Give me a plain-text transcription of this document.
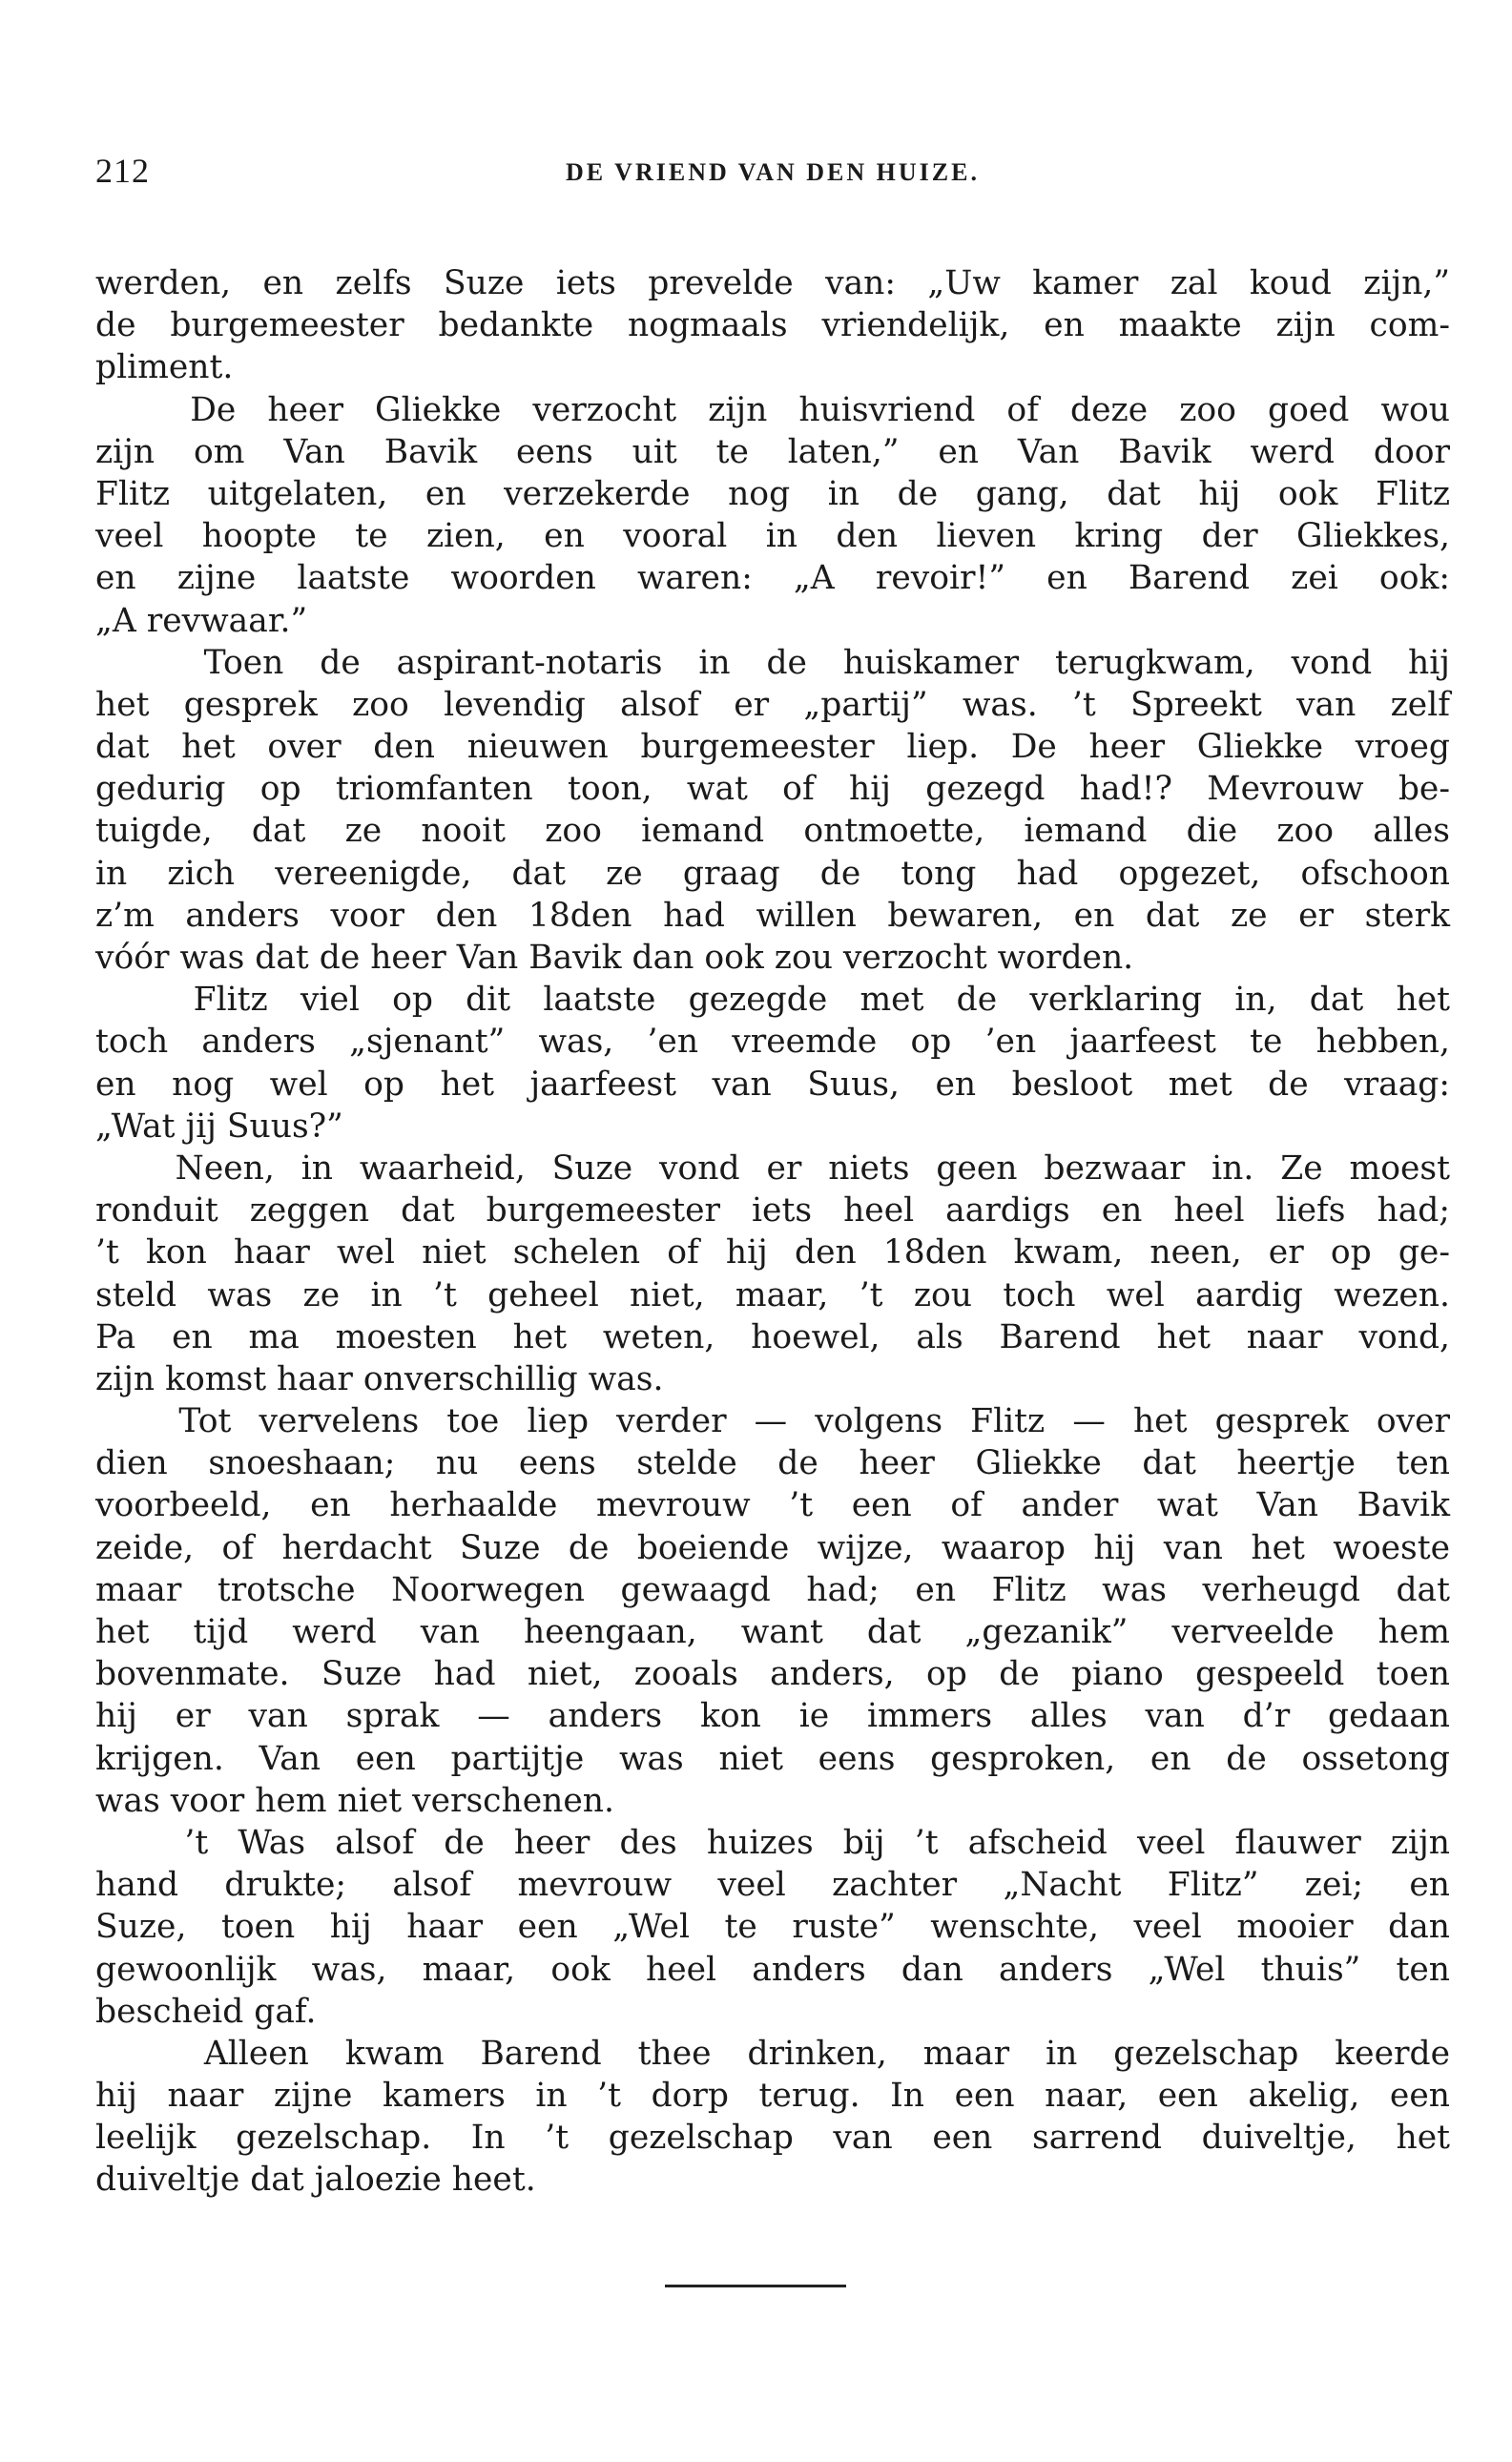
212	DE VRIEND VAN DEN HUIZE.
werden, en zelfs Suze iets prevelde van: „Uw kamer zal koud zijn,”
de burgemeester bedankte nogmaals vriendelijk, en maakte zijn com-
pliment.
De heer Gliekke verzocht zijn huisvriend of deze zoo goed wou
zijn om Van Bavik eens uit te laten,” en Van Bavik werd door
Flitz uitgelaten, en verzekerde nog in de gang, dat hij ook Flitz
veel hoopte te zien, en vooral in den lieven kring der Gliekkes,
en zijne laatste woorden waren: „A revoir!” en Barend zei ook:
„A revwaar.”
Toen de aspirant-notaris in de huiskamer terugkwam, vond hij
het gesprek zoo levendig alsof er „partij” was. ’t Spreekt van zelf
dat het over den nieuwen burgemeester liep. De heer Gliekke vroeg
gedurig op triomfanten toon, wat of hij gezegd had!? Mevrouw be-
tuigde, dat ze nooit zoo iemand ontmoette, iemand die zoo alles
in zich vereenigde, dat ze graag de tong had opgezet, ofschoon
z’m anders voor den 18den had willen bewaren, en dat ze er sterk
vóór was dat de heer Van Bavik dan ook zou verzocht worden.
Flitz viel op dit laatste gezegde met de verklaring in, dat het
toch anders „sjenant” was, ’en vreemde op ’en jaarfeest te hebben,
en nog wel op het jaarfeest van Suus, en besloot met de vraag:
„Wat jij Suus?”
Neen, in waarheid, Suze vond er niets geen bezwaar in. Ze moest
ronduit zeggen dat burgemeester iets heel aardigs en heel liefs had;
’t kon haar wel niet schelen of hij den 18den kwam, neen, er op ge-
steld was ze in ’t geheel niet, maar, ’t zou toch wel aardig wezen.
Pa en ma moesten het weten, hoewel, als Barend het naar vond,
zijn komst haar onverschillig was.
Tot vervelens toe liep verder — volgens Flitz — het gesprek over
dien snoeshaan; nu eens stelde de heer Gliekke dat heertje ten
voorbeeld, en herhaalde mevrouw ’t een of ander wat Van Bavik
zeide, of herdacht Suze de boeiende wijze, waarop hij van het woeste
maar trotsche Noorwegen gewaagd had; en Flitz was verheugd dat
het tijd werd van heengaan, want dat „gezanik” verveelde hem
bovenmate. Suze had niet, zooals anders, op de piano gespeeld toen
hij er van sprak — anders kon ie immers alles van d’r gedaan
krijgen. Van een partijtje was niet eens gesproken, en de ossetong
was voor hem niet verschenen.
’t Was alsof de heer des huizes bij ’t afscheid veel flauwer zijn
hand drukte; alsof mevrouw veel zachter „Nacht Flitz” zei; en
Suze, toen hij haar een „Wel te ruste” wenschte, veel mooier dan
gewoonlijk was, maar, ook heel anders dan anders „Wel thuis” ten
bescheid gaf.
Alleen kwam Barend thee drinken, maar in gezelschap keerde
hij naar zijne kamers in ’t dorp terug. In een naar, een akelig, een
leelijk gezelschap. In ’t gezelschap van een sarrend duiveltje, het
duiveltje dat jaloezie heet.
